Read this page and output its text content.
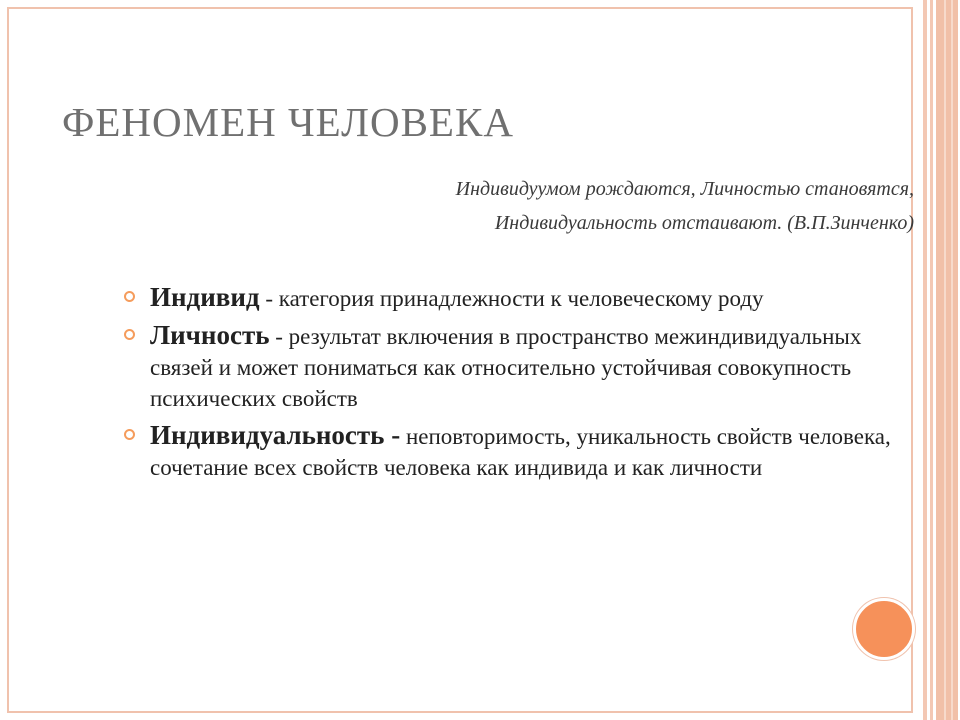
ФЕНОМЕН ЧЕЛОВЕКА
Индивидуумом рождаются, Личностью становятся,
Индивидуальность отстаивают. (В.П.Зинченко)
Индивид - категория принадлежности к человеческому роду
Личность - результат включения в пространство межиндивидуальных связей и может пониматься как относительно устойчивая совокупность психических свойств
Индивидуальность - неповторимость, уникальность свойств человека, сочетание всех свойств человека как индивида и как личности
